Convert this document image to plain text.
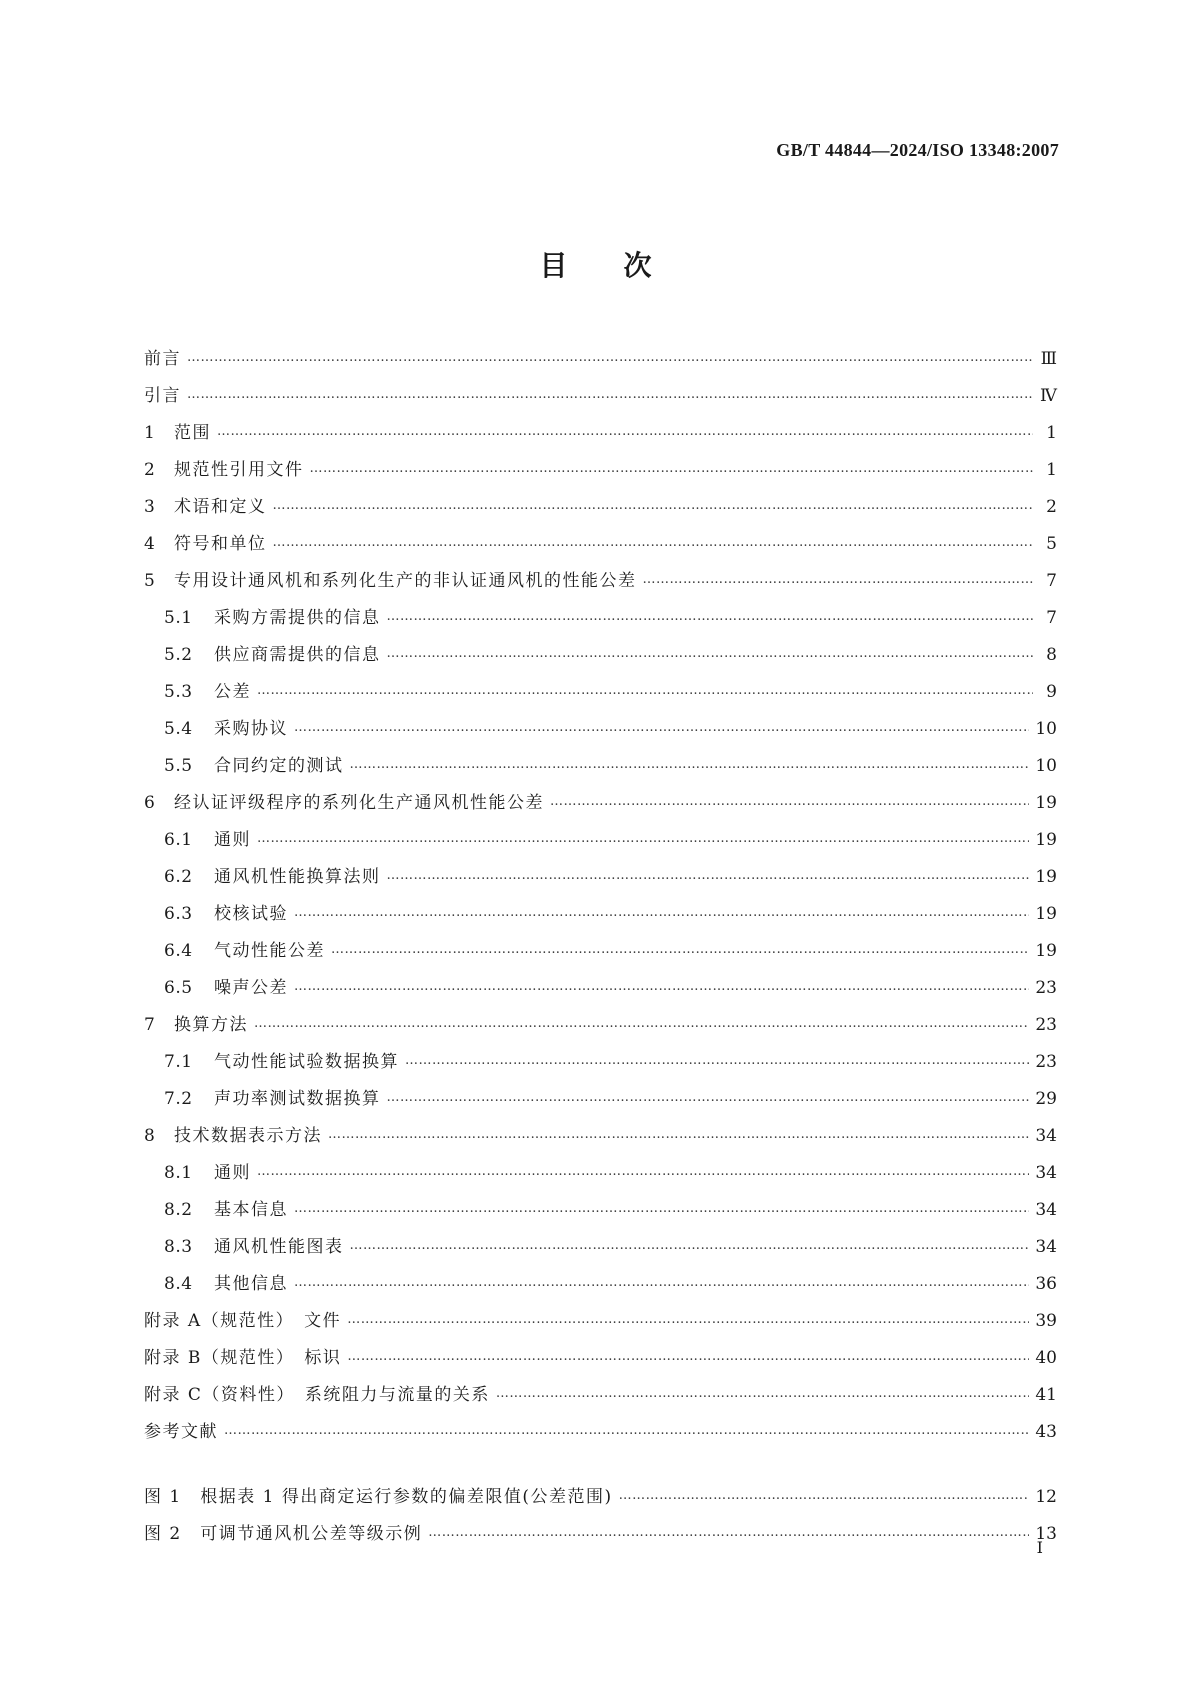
GB/T 44844—2024/ISO 13348:2007
目次
前言 ……………………………………………………………………………………………………………………………………………………………………………………………………	Ⅲ
引言 ……………………………………………………………………………………………………………………………………………………………………………………………………	Ⅳ
1	范围 ……………………………………………………………………………………………………………………………………………………………………………………………………	1
2	规范性引用文件 ……………………………………………………………………………………………………………………………………………………………………………………………………	1
3	术语和定义 ……………………………………………………………………………………………………………………………………………………………………………………………………	2
4	符号和单位 ……………………………………………………………………………………………………………………………………………………………………………………………………	5
5	专用设计通风机和系列化生产的非认证通风机的性能公差 ……………………………………………………………………………………………………………………………………………………………………………………………………	7
5.1	采购方需提供的信息 ……………………………………………………………………………………………………………………………………………………………………………………………………	7
5.2	供应商需提供的信息 ……………………………………………………………………………………………………………………………………………………………………………………………………	8
5.3	公差 ……………………………………………………………………………………………………………………………………………………………………………………………………	9
5.4	采购协议 ……………………………………………………………………………………………………………………………………………………………………………………………………	10
5.5	合同约定的测试 ……………………………………………………………………………………………………………………………………………………………………………………………………	10
6	经认证评级程序的系列化生产通风机性能公差 ……………………………………………………………………………………………………………………………………………………………………………………………………	19
6.1	通则 ……………………………………………………………………………………………………………………………………………………………………………………………………	19
6.2	通风机性能换算法则 ……………………………………………………………………………………………………………………………………………………………………………………………………	19
6.3	校核试验 ……………………………………………………………………………………………………………………………………………………………………………………………………	19
6.4	气动性能公差 ……………………………………………………………………………………………………………………………………………………………………………………………………	19
6.5	噪声公差 ……………………………………………………………………………………………………………………………………………………………………………………………………	23
7	换算方法 ……………………………………………………………………………………………………………………………………………………………………………………………………	23
7.1	气动性能试验数据换算 ……………………………………………………………………………………………………………………………………………………………………………………………………	23
7.2	声功率测试数据换算 ……………………………………………………………………………………………………………………………………………………………………………………………………	29
8	技术数据表示方法 ……………………………………………………………………………………………………………………………………………………………………………………………………	34
8.1	通则 ……………………………………………………………………………………………………………………………………………………………………………………………………	34
8.2	基本信息 ……………………………………………………………………………………………………………………………………………………………………………………………………	34
8.3	通风机性能图表 ……………………………………………………………………………………………………………………………………………………………………………………………………	34
8.4	其他信息 ……………………………………………………………………………………………………………………………………………………………………………………………………	36
附录 A（规范性）　文件 ……………………………………………………………………………………………………………………………………………………………………………………………………	39
附录 B（规范性）　标识 ……………………………………………………………………………………………………………………………………………………………………………………………………	40
附录 C（资料性）　系统阻力与流量的关系 ……………………………………………………………………………………………………………………………………………………………………………………………………	41
参考文献 ……………………………………………………………………………………………………………………………………………………………………………………………………	43
图 1　根据表 1 得出商定运行参数的偏差限值(公差范围) ……………………………………………………………………………………………………………………………………………………………………………………………………	12
图 2　可调节通风机公差等级示例 ……………………………………………………………………………………………………………………………………………………………………………………………………	13
Ⅰ
